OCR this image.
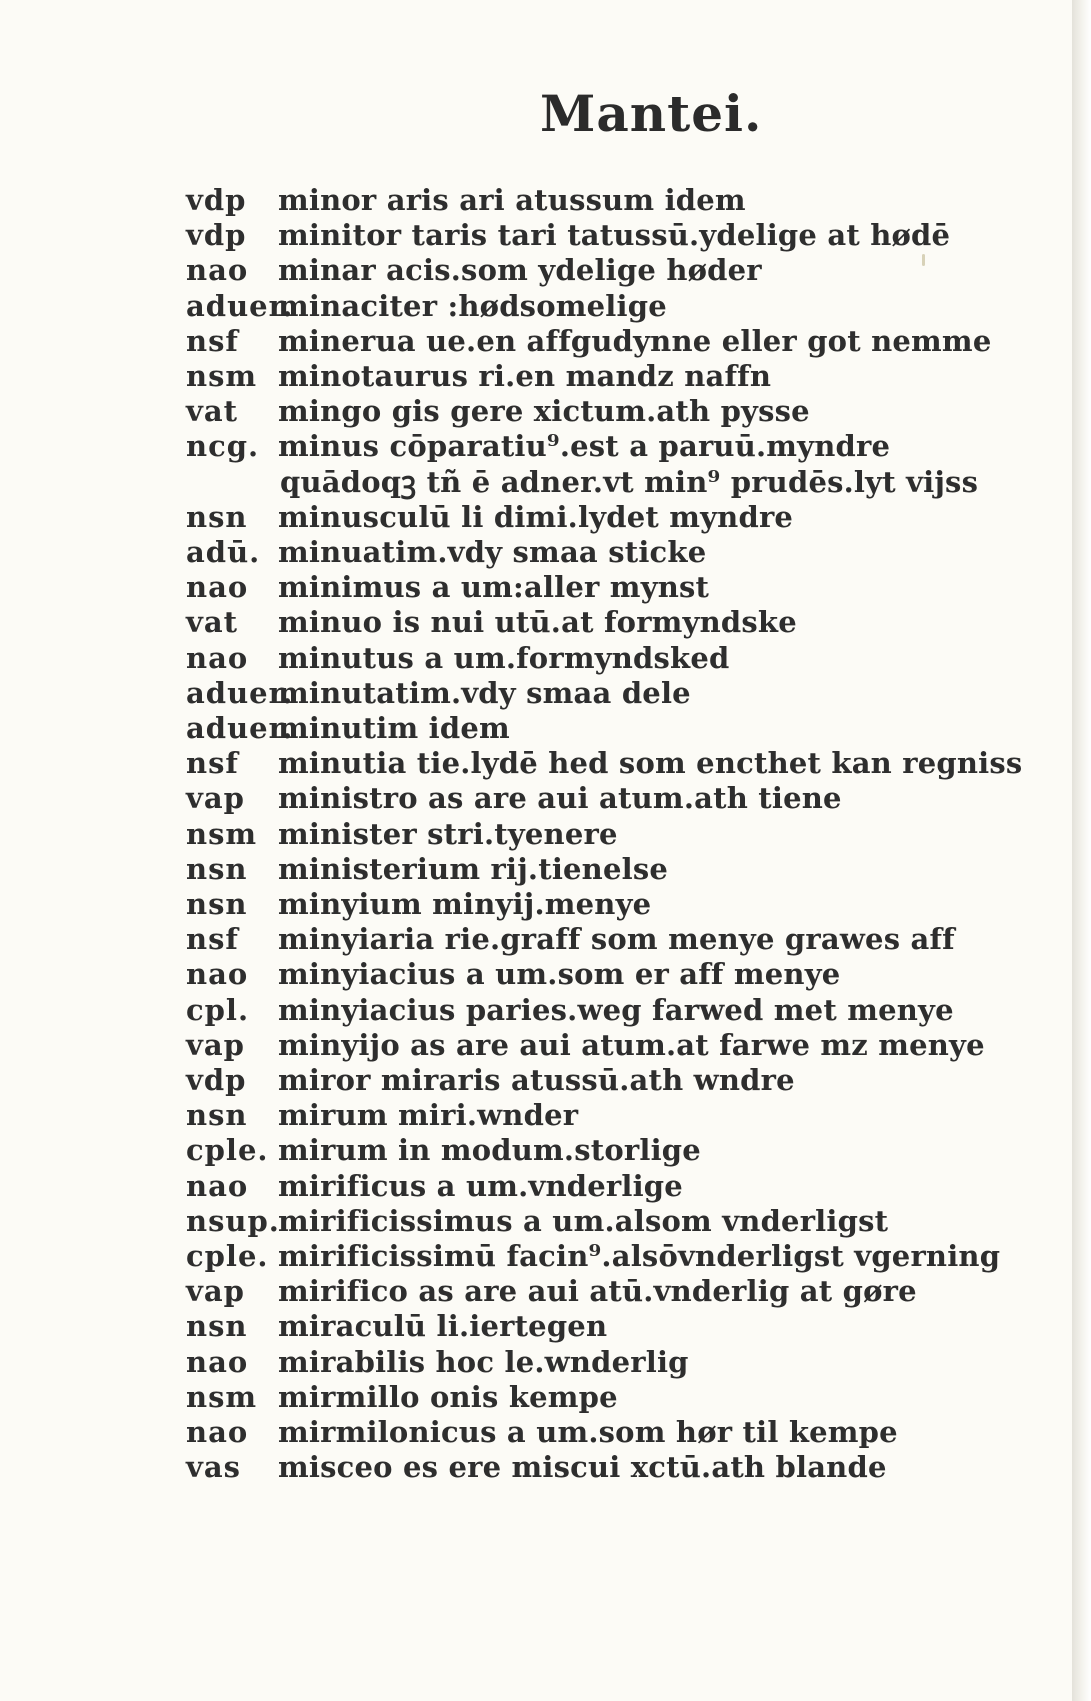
Mantei.
vdp minor aris ari atussum idem
vdp minitor taris tari tatussū.ydelige at hødē
nao minar acis.som ydelige høder
aduer.
minaciter :hødsomelige
nsf minerua ue.en affgudynne eller got nemme
nsm minotaurus ri.en mandz naffn
vat mingo gis gere xictum.ath pysse
ncg. minus cōparatiu⁹.est a paruū.myndre
quādoqꝫ tñ ē adner.vt min⁹ prudēs.lyt vijss
nsn minusculū li dimi.lydet myndre
adū. minuatim.vdy smaa sticke
nao minimus a um:aller mynst
vat minuo is nui utū.at formyndske
nao minutus a um.formyndsked
aduer.
minutatim.vdy smaa dele
aduer.
minutim idem
nsf minutia tie.lydē hed som encthet kan regniss
vap ministro as are aui atum.ath tiene
nsm minister stri.tyenere
nsn ministerium rij.tienelse
nsn minyium minyij.menye
nsf minyiaria rie.graff som menye grawes aff
nao minyiacius a um.som er aff menye
cpl. minyiacius paries.weg farwed met menye
vap minyijo as are aui atum.at farwe mz menye
vdp miror miraris atussū.ath wndre
nsn mirum miri.wnder
cple. mirum in modum.storlige
nao mirificus a um.vnderlige
nsup.
mirificissimus a um.alsom vnderligst
cple. mirificissimū facin⁹.alsōvnderligst vgerning
vap mirifico as are aui atū.vnderlig at gøre
nsn miraculū li.iertegen
nao mirabilis hoc le.wnderlig
nsm mirmillo onis kempe
nao mirmilonicus a um.som hør til kempe
vas misceo es ere miscui xctū.ath blande
